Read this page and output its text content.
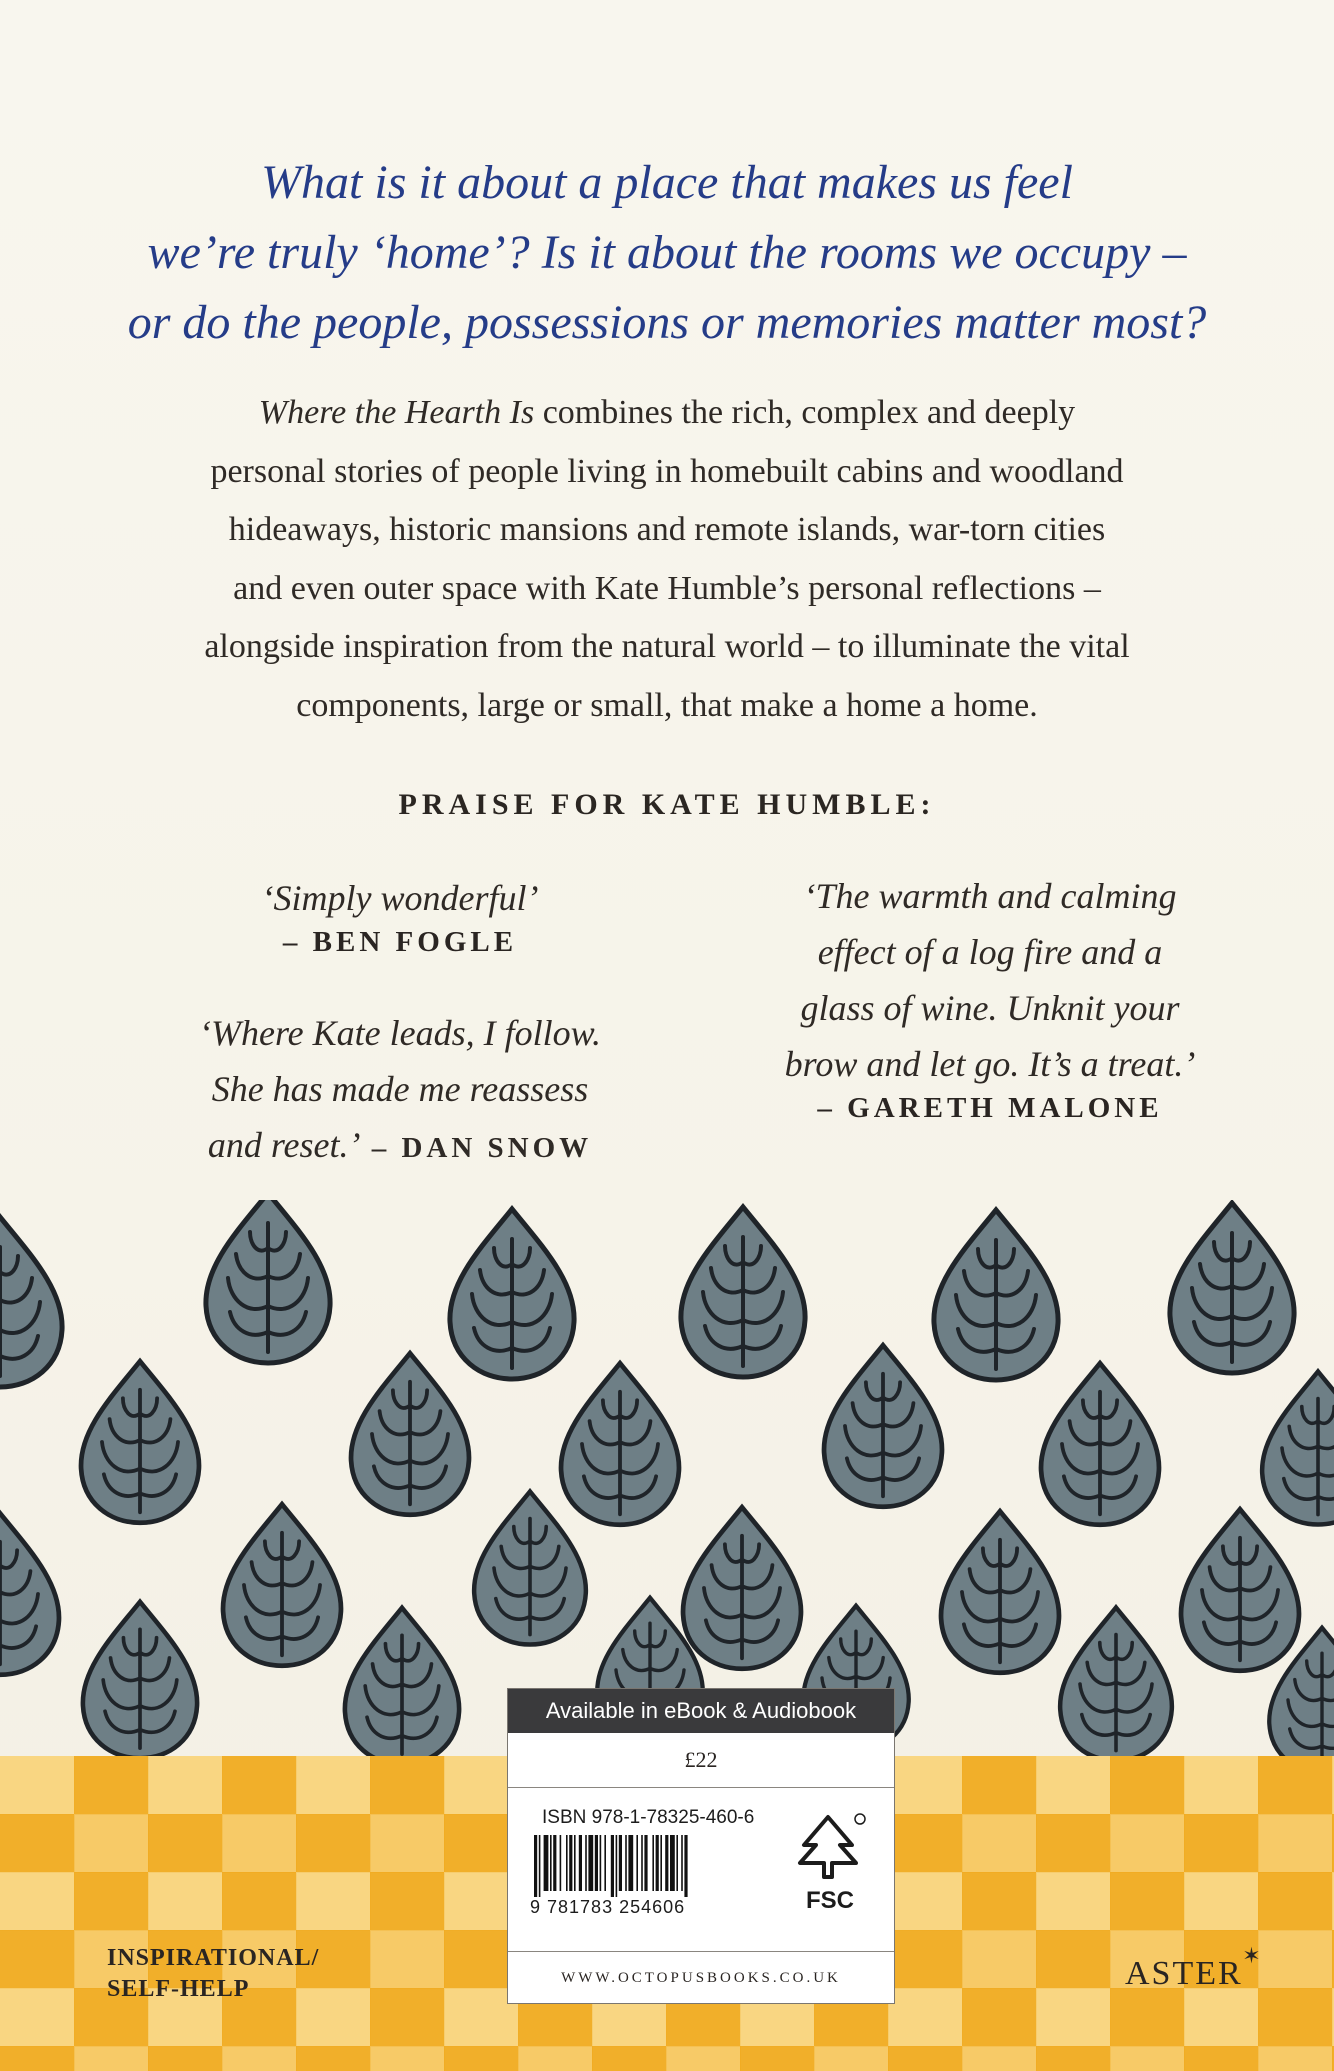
What is it about a place that makes us feel
we’re truly ‘home’? Is it about the rooms we occupy –
or do the people, possessions or memories matter most?
Where the Hearth Is combines the rich, complex and deeply
personal stories of people living in homebuilt cabins and woodland
hideaways, historic mansions and remote islands, war-torn cities
and even outer space with Kate Humble’s personal reflections –
alongside inspiration from the natural world – to illuminate the vital
components, large or small, that make a home a home.
PRAISE FOR KATE HUMBLE:
‘Simply wonderful’
– BEN FOGLE
‘Where Kate leads, I follow.
She has made me reassess
and reset.’ – DAN SNOW
‘The warmth and calming
effect of a log fire and a
glass of wine. Unknit your
brow and let go. It’s a treat.’
– GARETH MALONE
INSPIRATIONAL/
SELF-HELP	ASTER ✶
Available in eBook & Audiobook
£22
ISBN 978-1-78325-460-6
9 781783 254606	FSC
WWW.OCTOPUSBOOKS.CO.UK
